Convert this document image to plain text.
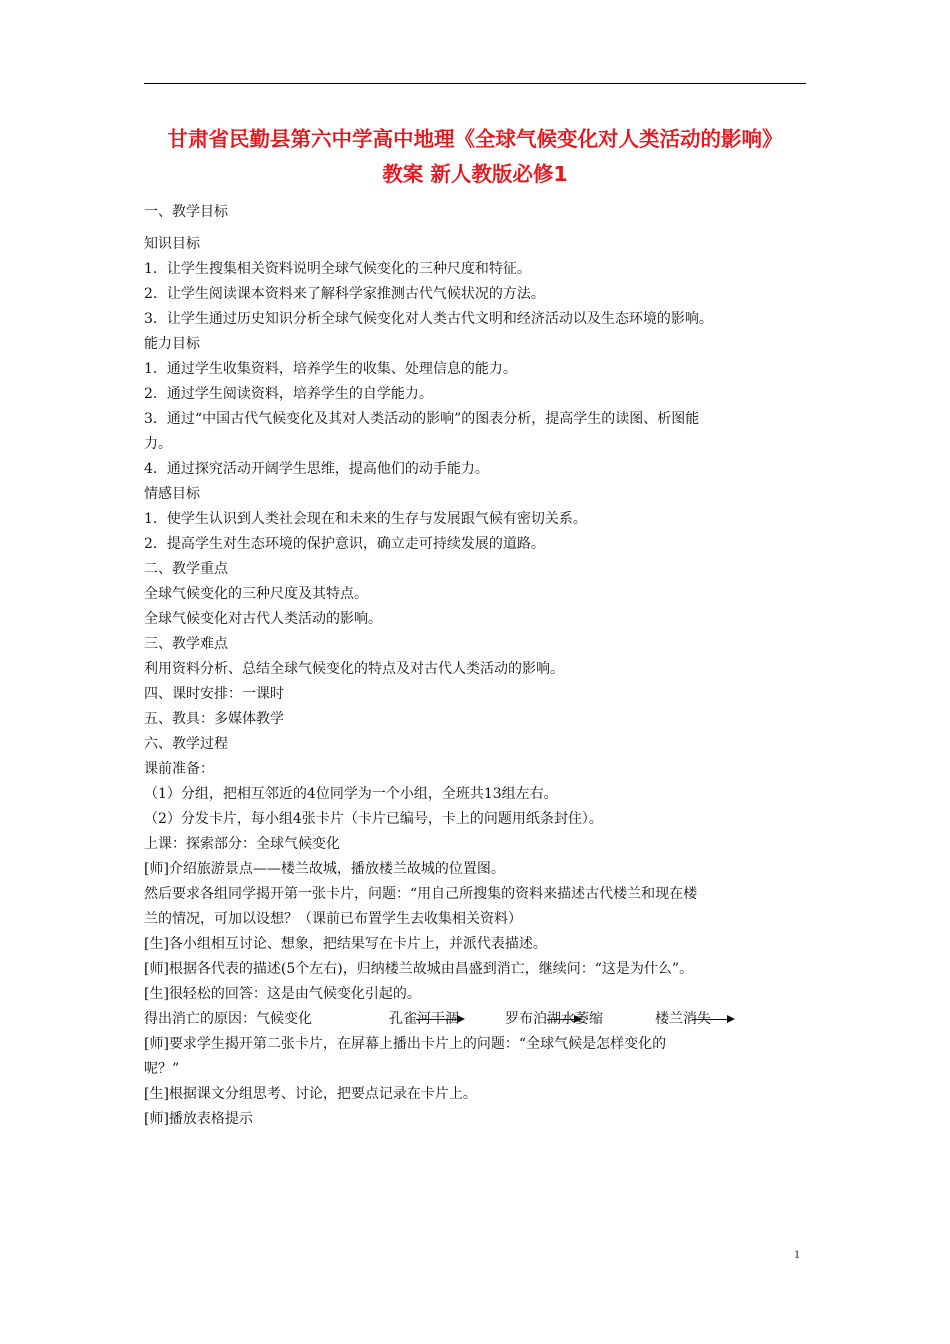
甘肃省民勤县第六中学高中地理《全球气候变化对人类活动的影响》
教案 新人教版必修1
一、教学目标
知识目标
1．让学生搜集相关资料说明全球气候变化的三种尺度和特征。
2．让学生阅读课本资料来了解科学家推测古代气候状况的方法。
3．让学生通过历史知识分析全球气候变化对人类古代文明和经济活动以及生态环境的影响。
能力目标
1．通过学生收集资料，培养学生的收集、处理信息的能力。
2．通过学生阅读资料，培养学生的自学能力。
3．通过“中国古代气候变化及其对人类活动的影响”的图表分析，提高学生的读图、析图能
力。
4．通过探究活动开阔学生思维，提高他们的动手能力。
情感目标
1．使学生认识到人类社会现在和未来的生存与发展跟气候有密切关系。
2．提高学生对生态环境的保护意识，确立走可持续发展的道路。
二、教学重点
全球气候变化的三种尺度及其特点。
全球气候变化对古代人类活动的影响。
三、教学难点
利用资料分析、总结全球气候变化的特点及对古代人类活动的影响。
四、课时安排：一课时
五、教具：多媒体教学
六、教学过程
课前准备：
（1）分组，把相互邻近的4位同学为一个小组，全班共13组左右。
（2）分发卡片，每小组4张卡片（卡片已编号，卡上的问题用纸条封住）。
上课：探索部分：全球气候变化
[师]介绍旅游景点——楼兰故城，播放楼兰故城的位置图。
然后要求各组同学揭开第一张卡片，问题：“用自己所搜集的资料来描述古代楼兰和现在楼
兰的情况，可加以设想？（课前已布置学生去收集相关资料）
[生]各小组相互讨论、想象，把结果写在卡片上，并派代表描述。
[师]根据各代表的描述(5个左右)，归纳楼兰故城由昌盛到消亡，继续问：“这是为什么”。
[生]很轻松的回答：这是由气候变化引起的。
得出消亡的原因：气候变化	孔雀河干涸	罗布泊湖水萎缩	楼兰消失
[师]要求学生揭开第二张卡片，在屏幕上播出卡片上的问题：“全球气候是怎样变化的
呢？”
[生]根据课文分组思考、讨论，把要点记录在卡片上。
[师]播放表格提示
1
